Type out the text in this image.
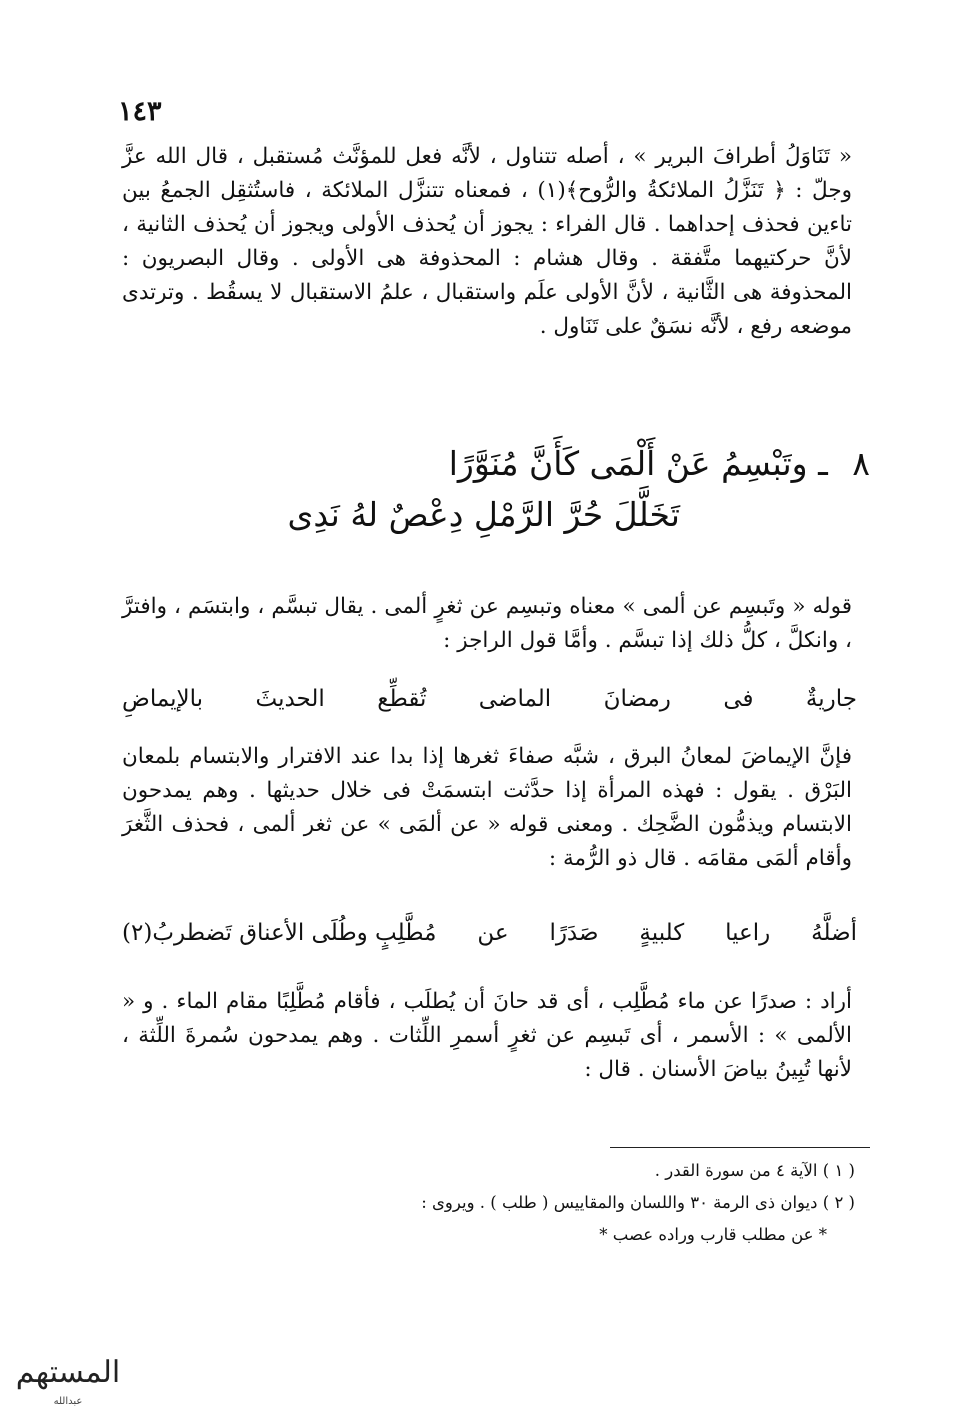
١٤٣

« تَنَاوَلُ أطرافَ البرير » ، أصله تتناول ، لأنَّه فعل للمؤنَّث مُستقبل ، قال الله عزَّ وجلّ : ﴿ تَنَزَّلُ الملائكةُ والرُّوح﴾(١) ، فمعناه تتنزَّل الملائكة ، فاستُثقِل الجمعُ بين تاءين فحذف إحداهما . قال الفراء : يجوز أن يُحذف الأولى ويجوز أن يُحذف الثانية ، لأنَّ حركتيهما متَّفقة . وقال هشام : المحذوفة هى الأولى . وقال البصريون : المحذوفة هى الثَّانية ، لأنَّ الأولى علَم واستقبال ، علمُ الاستقبال لا يسقُط . وترتدى موضعه رفع ، لأنَّه نسَقٌ على تَنَاول .

٨ ـ وتَبْسِمُ عَنْ أَلْمَى كَأَنَّ مُنَوَّرًا
تَخَلَّلَ حُرَّ الرَّمْلِ دِعْصٌ لهُ نَدِى

قوله « وتَبسِم عن ألمى » معناه وتبسِم عن ثغرٍ ألمى . يقال تبسَّم ، وابتسَم ، وافترَّ ، وانكلَّ ، كلُّ ذلك إذا تبسَّم . وأمَّا قول الراجز :

جاريةٌ
فى
رمضانَ
الماضى
تُقطِّع
الحديثَ
بالإيماضِ

فإنَّ الإيماضَ لمعانُ البرق ، شبَّه صفاءَ ثغرها إذا بدا عند الافترار والابتسام بلمعان البَرْق . يقول : فهذه المرأة إذا حدَّثت ابتسمَتْ فى خلال حديثها . وهم يمدحون الابتسام ويذمُّون الضَّحِك . ومعنى قوله « عن ألمَى » عن ثغر ألمى ، فحذف الثَّغرَ وأقام ألمَى مقامَه . قال ذو الرُّمة :

أضلَّهُ
راعيا
كلبيةٍ
صَدَرًا
عن
مُطَّلِبٍ وطُلَى الأعناق تَضطربُ(٢)

أراد : صدرًا عن ماء مُطَّلِب ، أى قد حانَ أن يُطلَب ، فأقام مُطَّلِبًا مقام الماء . و « الألمى » : الأسمر ، أى تَبسِم عن ثغرٍ أسمرِ اللِّثات . وهم يمدحون سُمرةَ اللِّثة ، لأنها تُبِينُ بياضَ الأسنان . قال :

( ١ ) الآية ٤ من سورة القدر .
( ٢ ) ديوان ذى الرمة ٣٠ واللسان والمقاييس ( طلب ) . ويروى :
* عن مطلب قارب وراده عصب *
المستهم
عبدالله
